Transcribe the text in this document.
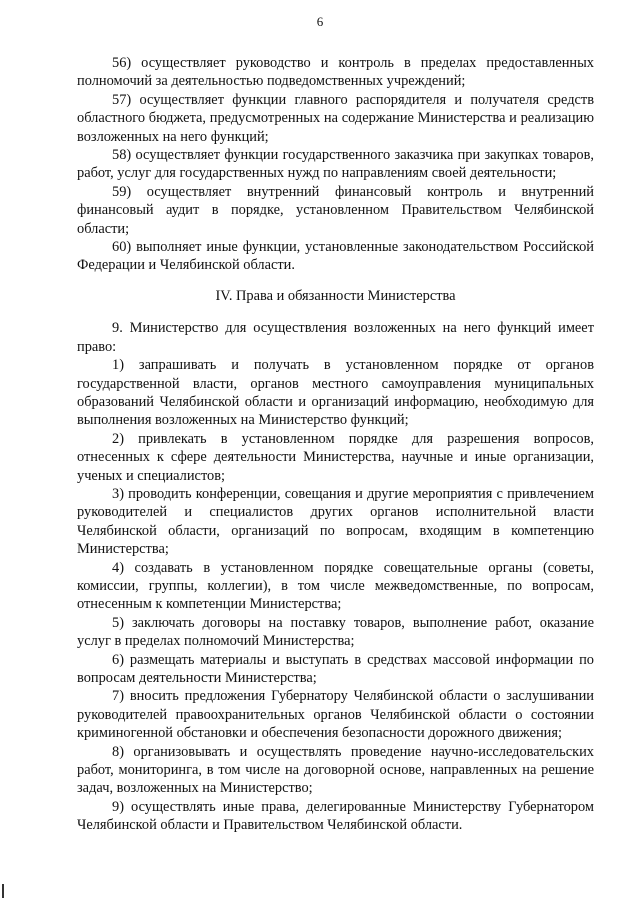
6

56) осуществляет руководство и контроль в пределах предоставленных полномочий за деятельностью подведомственных учреждений;

57) осуществляет функции главного распорядителя и получателя средств областного бюджета, предусмотренных на содержание Министерства и реализацию возложенных на него функций;

58) осуществляет функции государственного заказчика при закупках товаров, работ, услуг для государственных нужд по направлениям своей деятельности;

59) осуществляет внутренний финансовый контроль и внутренний финансовый аудит в порядке, установленном Правительством Челябинской области;

60) выполняет иные функции, установленные законодательством Российской Федерации и Челябинской области.

IV. Права и обязанности Министерства

9. Министерство для осуществления возложенных на него функций имеет право:

1) запрашивать и получать в установленном порядке от органов государственной власти, органов местного самоуправления муниципальных образований Челябинской области и организаций информацию, необходимую для выполнения возложенных на Министерство функций;

2) привлекать в установленном порядке для разрешения вопросов, отнесенных к сфере деятельности Министерства, научные и иные организации, ученых и специалистов;

3) проводить конференции, совещания и другие мероприятия с привлечением руководителей и специалистов других органов исполнительной власти Челябинской области, организаций по вопросам, входящим в компетенцию Министерства;

4) создавать в установленном порядке совещательные органы (советы, комиссии, группы, коллегии), в том числе межведомственные, по вопросам, отнесенным к компетенции Министерства;

5) заключать договоры на поставку товаров, выполнение работ, оказание услуг в пределах полномочий Министерства;

6) размещать материалы и выступать в средствах массовой информации по вопросам деятельности Министерства;

7) вносить предложения Губернатору Челябинской области о заслушивании руководителей правоохранительных органов Челябинской области о состоянии криминогенной обстановки и обеспечения безопасности дорожного движения;

8) организовывать и осуществлять проведение научно-исследовательских работ, мониторинга, в том числе на договорной основе, направленных на решение задач, возложенных на Министерство;

9) осуществлять иные права, делегированные Министерству Губернатором Челябинской области и Правительством Челябинской области.
